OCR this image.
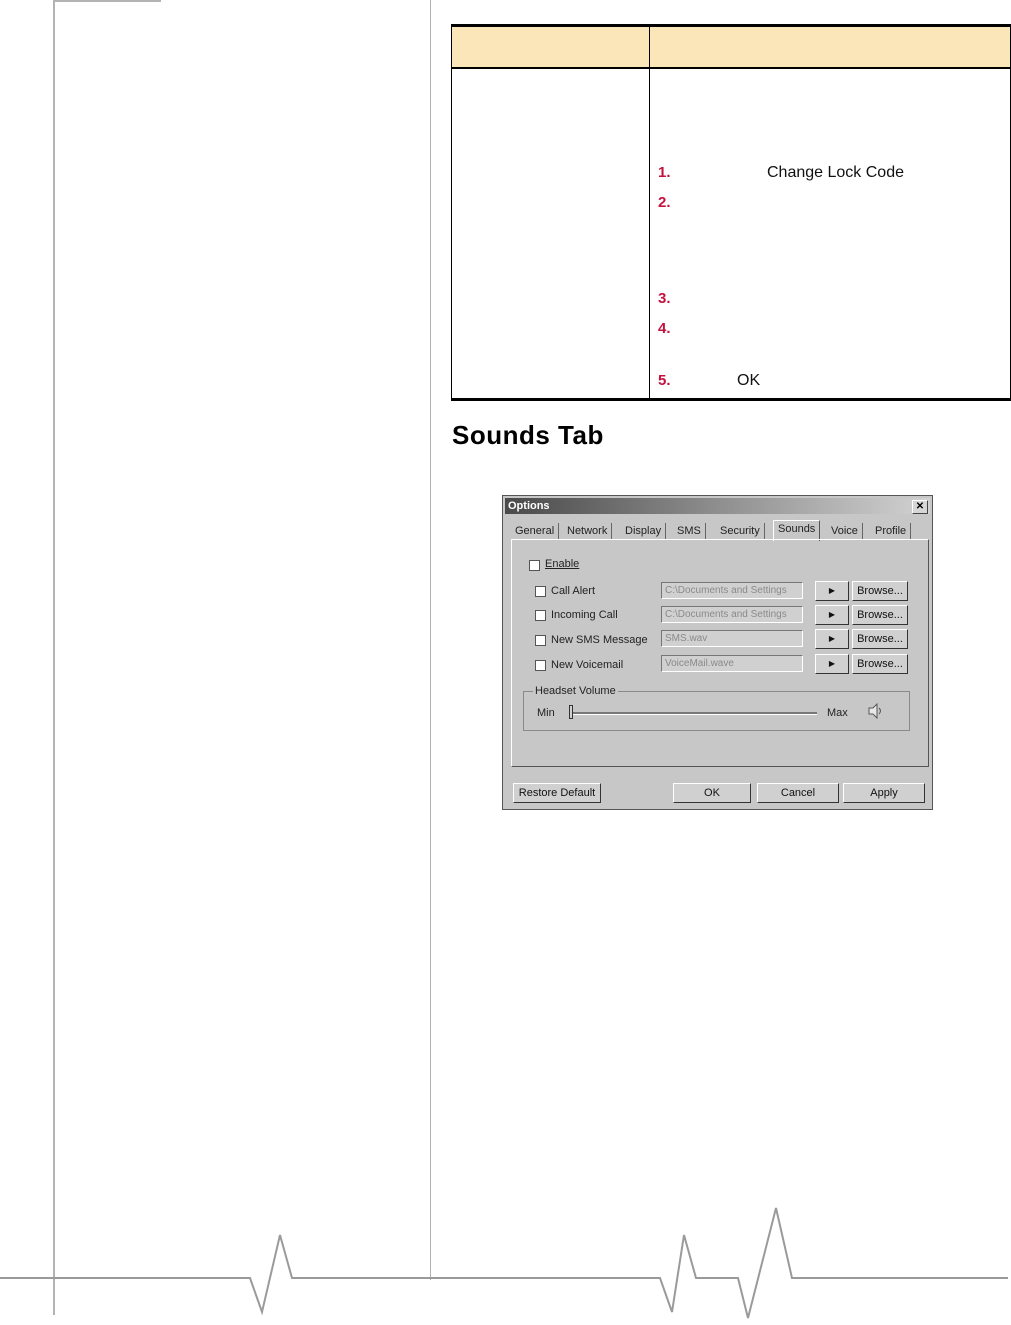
1.	Change Lock Code
2.
3.
4.
5.	OK
Sounds Tab
Options	✕
General	Network	Display	SMS	Security	Sounds	Voice	Profile
Enable
Call Alert	C:\Documents and Settings	▶	Browse...
Incoming Call	C:\Documents and Settings	▶	Browse...
New SMS Message	SMS.wav	▶	Browse...
New Voicemail	VoiceMail.wave	▶	Browse...
Headset Volume
Min	Max
Restore Default	OK	Cancel	Apply
